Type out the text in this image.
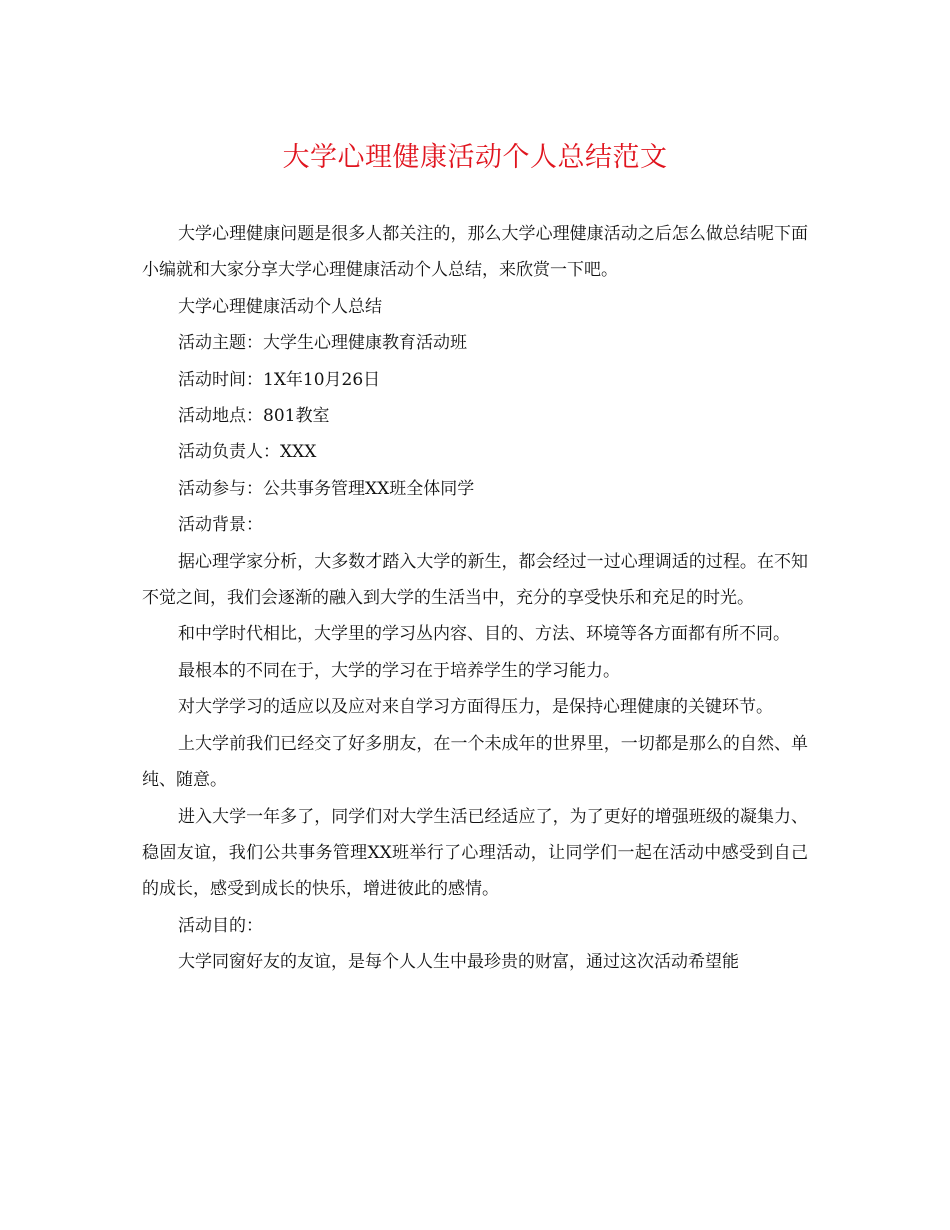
大学心理健康活动个人总结范文

大学心理健康问题是很多人都关注的，那么大学心理健康活动之后怎么做总结呢下面小编就和大家分享大学心理健康活动个人总结，来欣赏一下吧。

大学心理健康活动个人总结

活动主题：大学生心理健康教育活动班

活动时间：1X年10月26日

活动地点：801教室

活动负责人：XXX

活动参与：公共事务管理XX班全体同学

活动背景：

据心理学家分析，大多数才踏入大学的新生，都会经过一过心理调适的过程。在不知不觉之间，我们会逐渐的融入到大学的生活当中，充分的享受快乐和充足的时光。

和中学时代相比，大学里的学习丛内容、目的、方法、环境等各方面都有所不同。

最根本的不同在于，大学的学习在于培养学生的学习能力。

对大学学习的适应以及应对来自学习方面得压力，是保持心理健康的关键环节。

上大学前我们已经交了好多朋友，在一个未成年的世界里，一切都是那么的自然、单纯、随意。

进入大学一年多了，同学们对大学生活已经适应了，为了更好的增强班级的凝集力、稳固友谊，我们公共事务管理XX班举行了心理活动，让同学们一起在活动中感受到自己的成长，感受到成长的快乐，增进彼此的感情。

活动目的：

大学同窗好友的友谊，是每个人人生中最珍贵的财富，通过这次活动希望能
